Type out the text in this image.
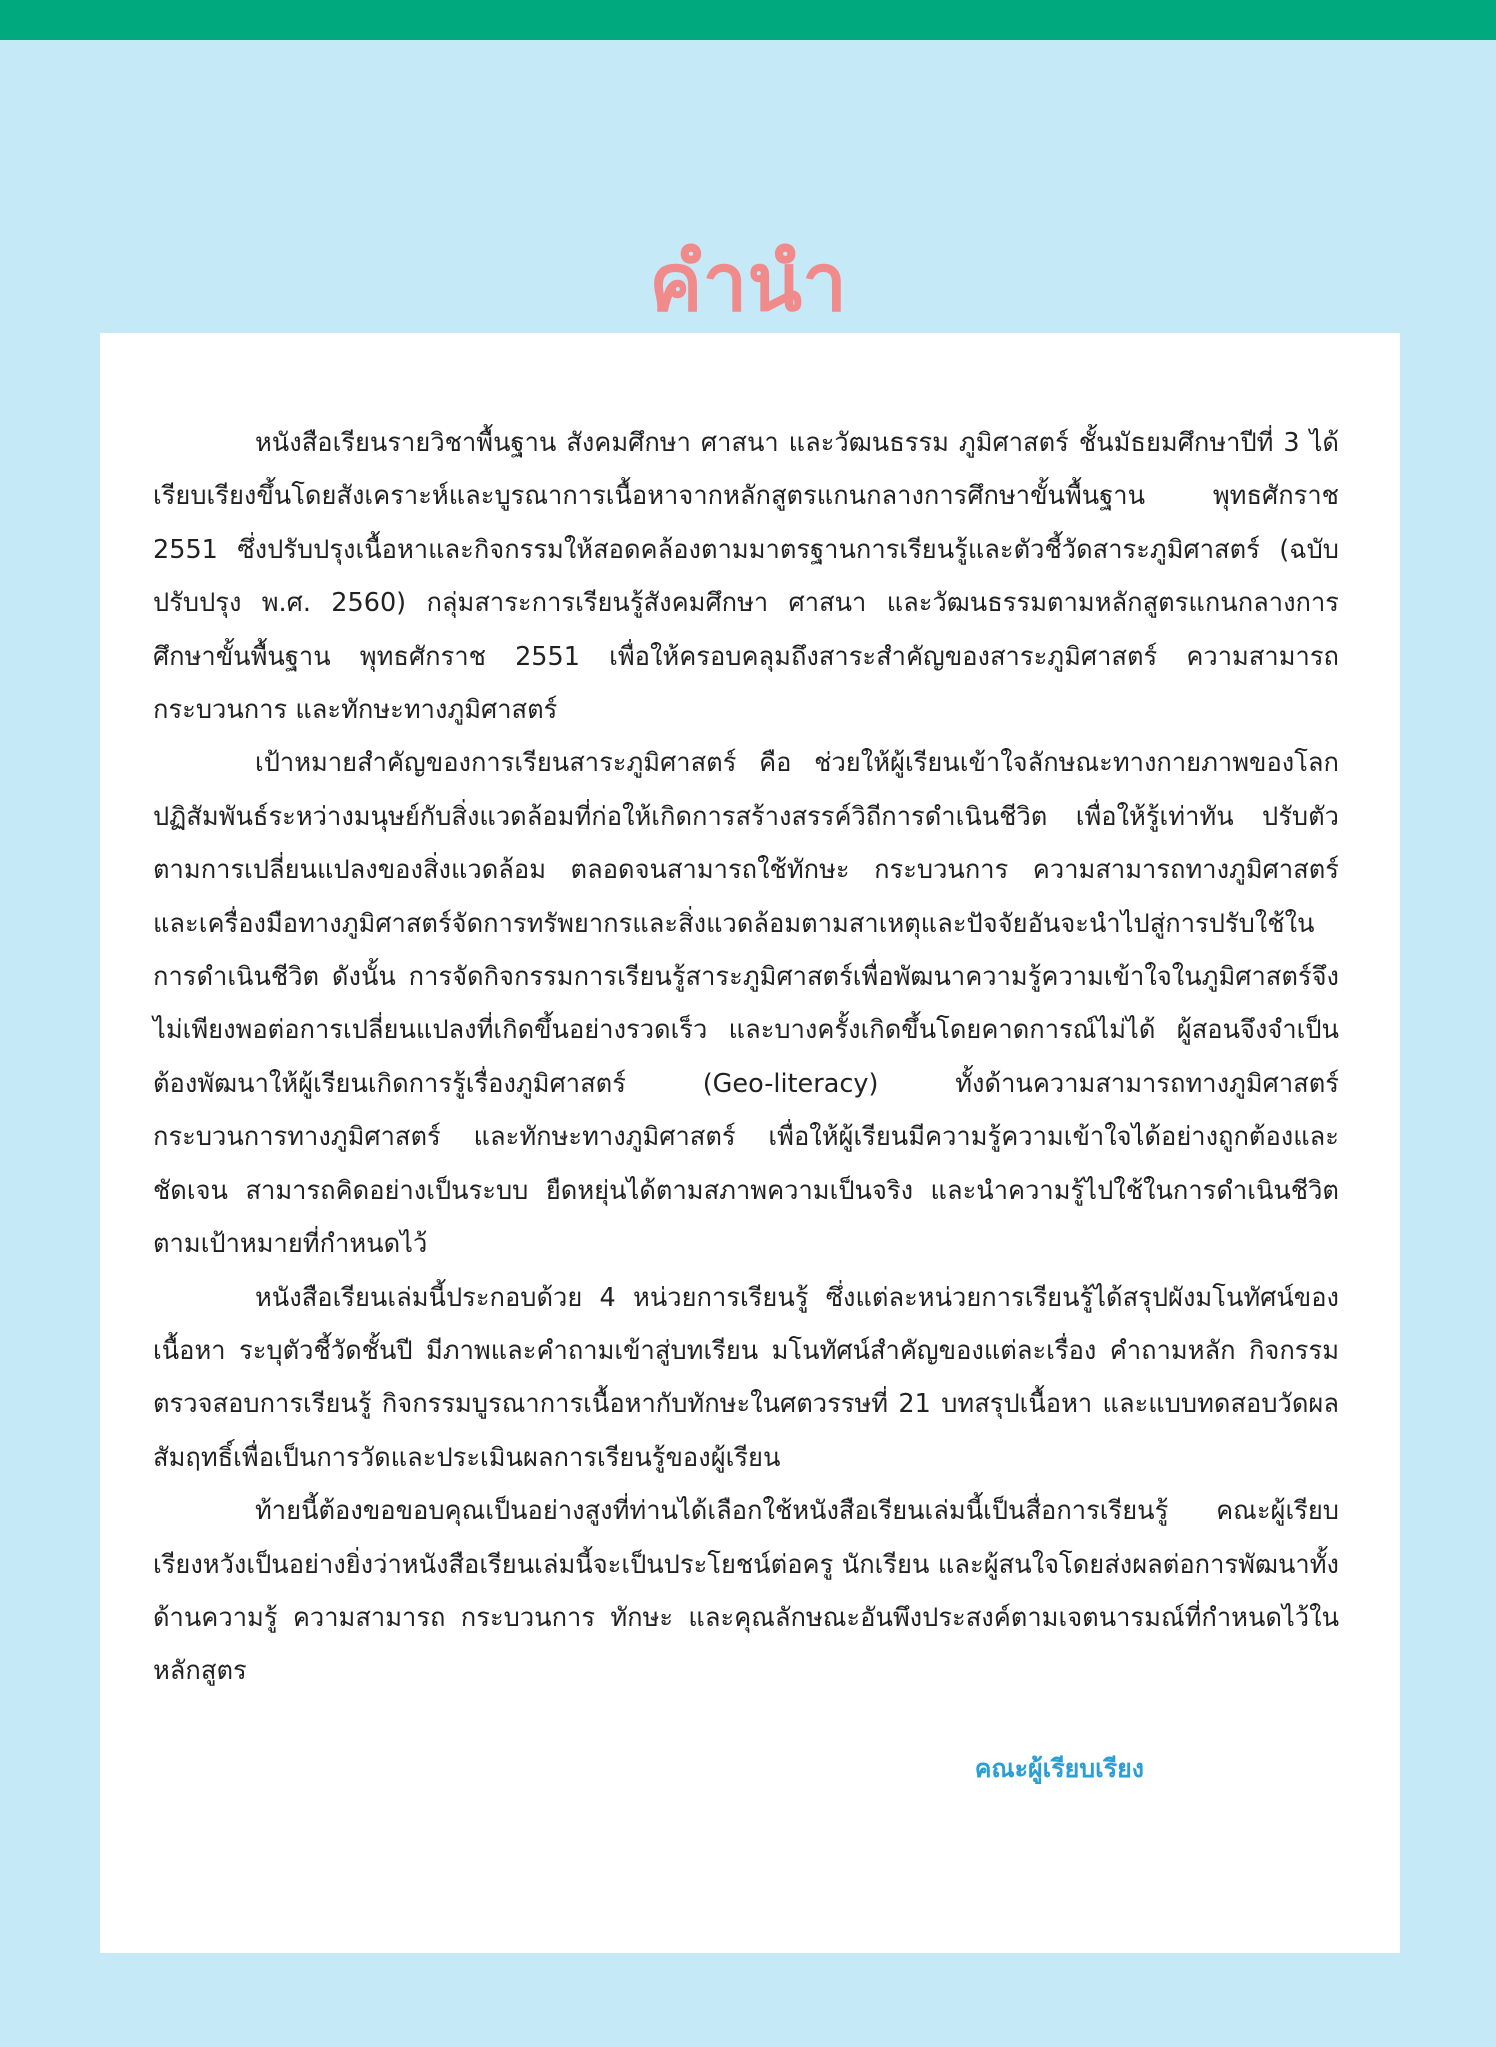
คำนำ

หนังสือเรียนรายวิชาพื้นฐาน สังคมศึกษา ศาสนา และวัฒนธรรม ภูมิศาสตร์ ชั้นมัธยมศึกษาปีที่ 3 ได้เรียบเรียงขึ้นโดยสังเคราะห์และบูรณาการเนื้อหาจากหลักสูตรแกนกลางการศึกษาขั้นพื้นฐาน พุทธศักราช 2551 ซึ่งปรับปรุงเนื้อหาและกิจกรรมให้สอดคล้องตามมาตรฐานการเรียนรู้และตัวชี้วัดสาระภูมิศาสตร์ (ฉบับปรับปรุง พ.ศ. 2560) กลุ่มสาระการเรียนรู้สังคมศึกษา ศาสนา และวัฒนธรรมตามหลักสูตรแกนกลางการศึกษาขั้นพื้นฐาน พุทธศักราช 2551 เพื่อให้ครอบคลุมถึงสาระสำคัญของสาระภูมิศาสตร์ ความสามารถ กระบวนการ และทักษะทางภูมิศาสตร์

เป้าหมายสำคัญของการเรียนสาระภูมิศาสตร์ คือ ช่วยให้ผู้เรียนเข้าใจลักษณะทางกายภาพของโลก ปฏิสัมพันธ์ระหว่างมนุษย์กับสิ่งแวดล้อมที่ก่อให้เกิดการสร้างสรรค์วิถีการดำเนินชีวิต เพื่อให้รู้เท่าทัน ปรับตัวตามการเปลี่ยนแปลงของสิ่งแวดล้อม ตลอดจนสามารถใช้ทักษะ กระบวนการ ความสามารถทางภูมิศาสตร์ และเครื่องมือทางภูมิศาสตร์จัดการทรัพยากรและสิ่งแวดล้อมตามสาเหตุและปัจจัยอันจะนำไปสู่การปรับใช้ในการดำเนินชีวิต ดังนั้น การจัดกิจกรรมการเรียนรู้สาระภูมิศาสตร์เพื่อพัฒนาความรู้ความเข้าใจในภูมิศาสตร์จึงไม่เพียงพอต่อการเปลี่ยนแปลงที่เกิดขึ้นอย่างรวดเร็ว และบางครั้งเกิดขึ้นโดยคาดการณ์ไม่ได้ ผู้สอนจึงจำเป็นต้องพัฒนาให้ผู้เรียนเกิดการรู้เรื่องภูมิศาสตร์ (Geo-literacy) ทั้งด้านความสามารถทางภูมิศาสตร์ กระบวนการทางภูมิศาสตร์ และทักษะทางภูมิศาสตร์ เพื่อให้ผู้เรียนมีความรู้ความเข้าใจได้อย่างถูกต้องและชัดเจน สามารถคิดอย่างเป็นระบบ ยืดหยุ่นได้ตามสภาพความเป็นจริง และนำความรู้ไปใช้ในการดำเนินชีวิตตามเป้าหมายที่กำหนดไว้

หนังสือเรียนเล่มนี้ประกอบด้วย 4 หน่วยการเรียนรู้ ซึ่งแต่ละหน่วยการเรียนรู้ได้สรุปผังมโนทัศน์ของเนื้อหา ระบุตัวชี้วัดชั้นปี มีภาพและคำถามเข้าสู่บทเรียน มโนทัศน์สำคัญของแต่ละเรื่อง คำถามหลัก กิจกรรมตรวจสอบการเรียนรู้ กิจกรรมบูรณาการเนื้อหากับทักษะในศตวรรษที่ 21 บทสรุปเนื้อหา และแบบทดสอบวัดผลสัมฤทธิ์เพื่อเป็นการวัดและประเมินผลการเรียนรู้ของผู้เรียน

ท้ายนี้ต้องขอขอบคุณเป็นอย่างสูงที่ท่านได้เลือกใช้หนังสือเรียนเล่มนี้เป็นสื่อการเรียนรู้ คณะผู้เรียบเรียงหวังเป็นอย่างยิ่งว่าหนังสือเรียนเล่มนี้จะเป็นประโยชน์ต่อครู นักเรียน และผู้สนใจโดยส่งผลต่อการพัฒนาทั้งด้านความรู้ ความสามารถ กระบวนการ ทักษะ และคุณลักษณะอันพึงประสงค์ตามเจตนารมณ์ที่กำหนดไว้ในหลักสูตร

คณะผู้เรียบเรียง
